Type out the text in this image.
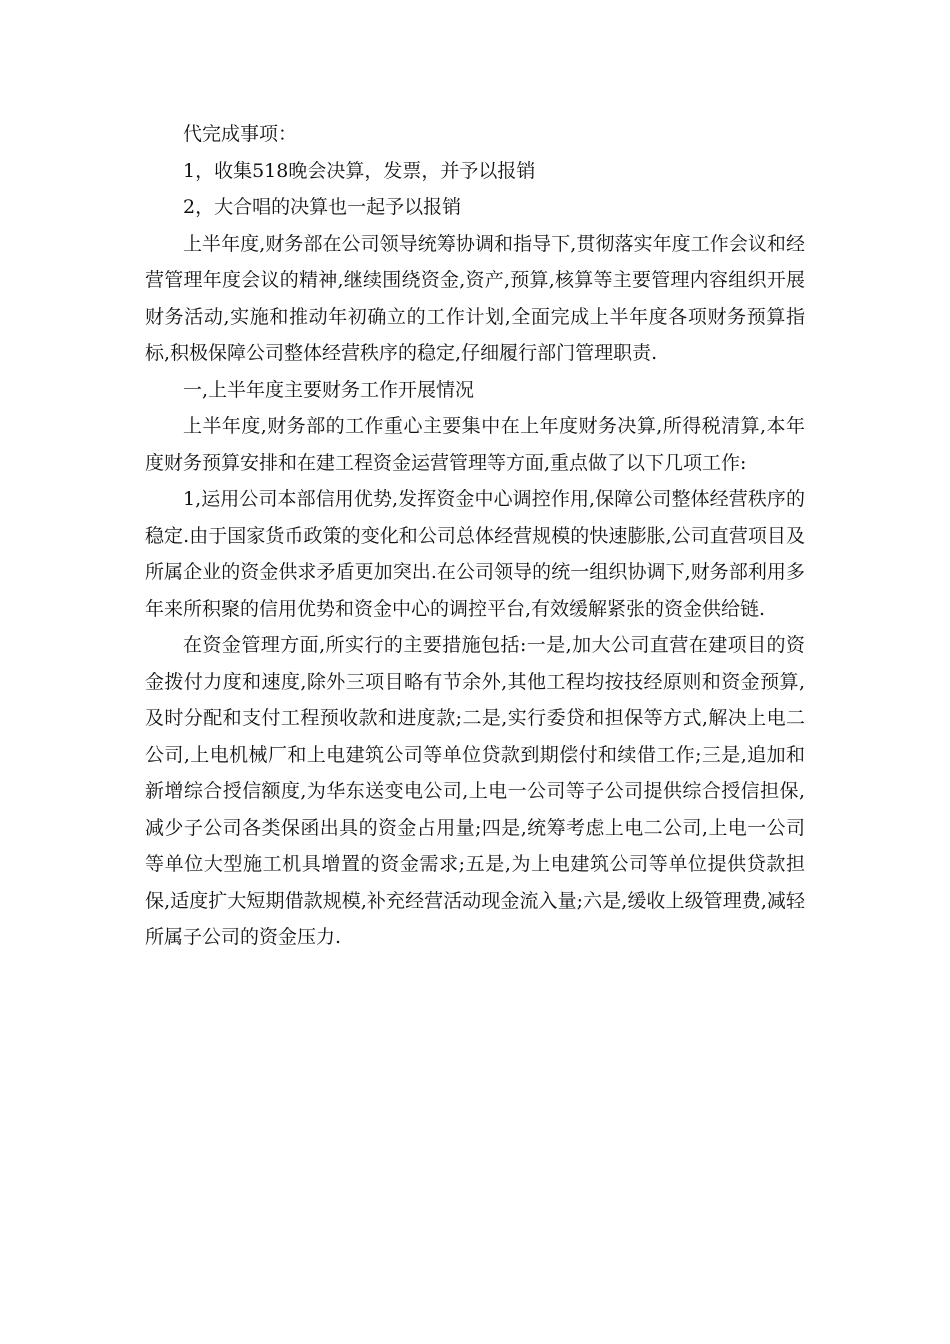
代完成事项：

1，收集518晚会决算，发票，并予以报销

2，大合唱的决算也一起予以报销

上半年度,财务部在公司领导统筹协调和指导下,贯彻落实年度工作会议和经营管理年度会议的精神,继续围绕资金,资产,预算,核算等主要管理内容组织开展财务活动,实施和推动年初确立的工作计划,全面完成上半年度各项财务预算指标,积极保障公司整体经营秩序的稳定,仔细履行部门管理职责.

一,上半年度主要财务工作开展情况

上半年度,财务部的工作重心主要集中在上年度财务决算,所得税清算,本年度财务预算安排和在建工程资金运营管理等方面,重点做了以下几项工作:

1,运用公司本部信用优势,发挥资金中心调控作用,保障公司整体经营秩序的稳定.由于国家货币政策的变化和公司总体经营规模的快速膨胀,公司直营项目及所属企业的资金供求矛盾更加突出.在公司领导的统一组织协调下,财务部利用多年来所积聚的信用优势和资金中心的调控平台,有效缓解紧张的资金供给链.

在资金管理方面,所实行的主要措施包括:一是,加大公司直营在建项目的资金拨付力度和速度,除外三项目略有节余外,其他工程均按技经原则和资金预算,及时分配和支付工程预收款和进度款;二是,实行委贷和担保等方式,解决上电二公司,上电机械厂和上电建筑公司等单位贷款到期偿付和续借工作;三是,追加和新增综合授信额度,为华东送变电公司,上电一公司等子公司提供综合授信担保,减少子公司各类保函出具的资金占用量;四是,统筹考虑上电二公司,上电一公司等单位大型施工机具增置的资金需求;五是,为上电建筑公司等单位提供贷款担保,适度扩大短期借款规模,补充经营活动现金流入量;六是,缓收上级管理费,减轻所属子公司的资金压力.
